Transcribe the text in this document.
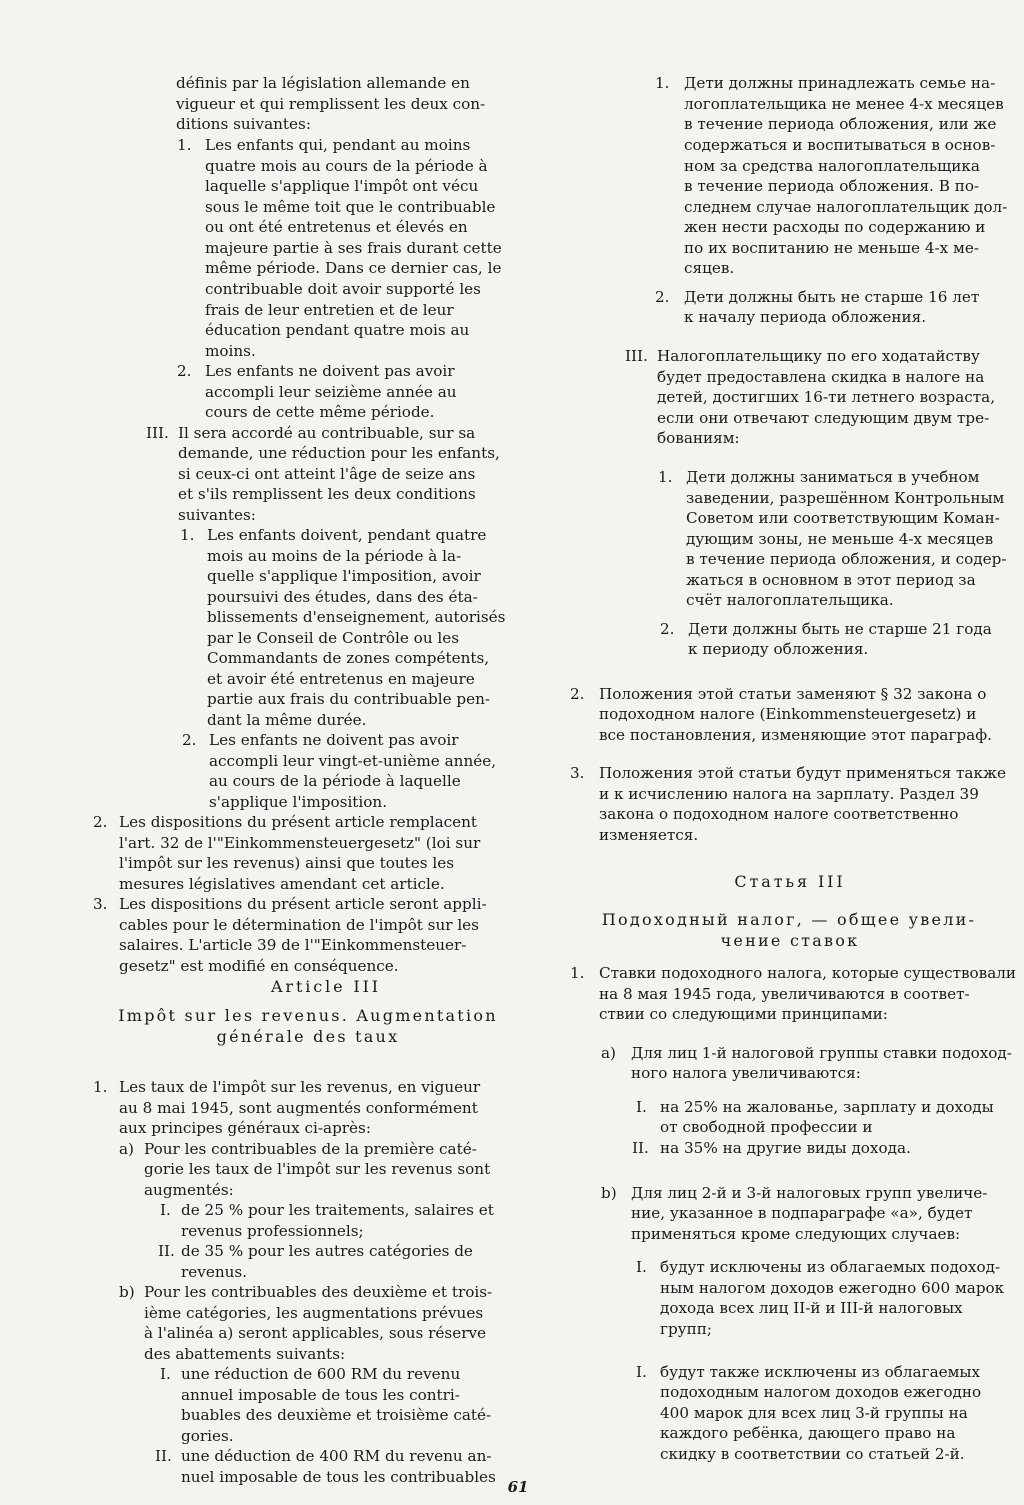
définis par la législation allemande en
vigueur et qui remplissent les deux con-
ditions suivantes:
1. Les enfants qui, pendant au moins
quatre mois au cours de la période à
laquelle s'applique l'impôt ont vécu
sous le même toit que le contribuable
ou ont été entretenus et élevés en
majeure partie à ses frais durant cette
même période. Dans ce dernier cas, le
contribuable doit avoir supporté les
frais de leur entretien et de leur
éducation pendant quatre mois au
moins.
2. Les enfants ne doivent pas avoir
accompli leur seizième année au
cours de cette même période.
III. Il sera accordé au contribuable, sur sa
demande, une réduction pour les enfants,
si ceux-ci ont atteint l'âge de seize ans
et s'ils remplissent les deux conditions
suivantes:
1. Les enfants doivent, pendant quatre
mois au moins de la période à la-
quelle s'applique l'imposition, avoir
poursuivi des études, dans des éta-
blissements d'enseignement, autorisés
par le Conseil de Contrôle ou les
Commandants de zones compétents,
et avoir été entretenus en majeure
partie aux frais du contribuable pen-
dant la même durée.
2. Les enfants ne doivent pas avoir
accompli leur vingt-et-unième année,
au cours de la période à laquelle
s'applique l'imposition.
2. Les dispositions du présent article remplacent
l'art. 32 de l'"Einkommensteuergesetz" (loi sur
l'impôt sur les revenus) ainsi que toutes les
mesures législatives amendant cet article.
3. Les dispositions du présent article seront appli-
cables pour le détermination de l'impôt sur les
salaires. L'article 39 de l'"Einkommensteuer-
gesetz" est modifié en conséquence.
1. Les taux de l'impôt sur les revenus, en vigueur
au 8 mai 1945, sont augmentés conformément
aux principes généraux ci-après:
a) Pour les contribuables de la première caté-
gorie les taux de l'impôt sur les revenus sont
augmentés:
I. de 25 % pour les traitements, salaires et
revenus professionnels;
II. de 35 % pour les autres catégories de
revenus.
b) Pour les contribuables des deuxième et trois-
ième catégories, les augmentations prévues
à l'alinéa a) seront applicables, sous réserve
des abattements suivants:
I. une réduction de 600 RM du revenu
annuel imposable de tous les contri-
buables des deuxième et troisième caté-
gories.
II. une déduction de 400 RM du revenu an-
nuel imposable de tous les contribuables
1. Дети должны принадлежать семье на-
логоплательщика не менее 4-х месяцев
в течение периода обложения, или же
содержаться и воспитываться в основ-
ном за средства налогоплательщика
в течение периода обложения. В по-
следнем случае налогоплательщик дол-
жен нести расходы по содержанию и
по их воспитанию не меньше 4-х ме-
сяцев.
2. Дети должны быть не старше 16 лет
к началу периода обложения.
III. Налогоплательщику по его ходатайству
будет предоставлена скидка в налоге на
детей, достигших 16-ти летнего возраста,
если они отвечают следующим двум тре-
бованиям:
1. Дети должны заниматься в учебном
заведении, разрешённом Контрольным
Советом или соответствующим Коман-
дующим зоны, не меньше 4-х месяцев
в течение периода обложения, и содер-
жаться в основном в этот период за
счёт налогоплательщика.
2. Дети должны быть не старше 21 года
к периоду обложения.
2. Положения этой статьи заменяют § 32 закона о
подоходном налоге (Einkommensteuergesetz) и
все постановления, изменяющие этот параграф.
3. Положения этой статьи будут применяться также
и к исчислению налога на зарплату. Раздел 39
закона о подоходном налоге соответственно
изменяется.
1. Ставки подоходного налога, которые существовали
на 8 мая 1945 года, увеличиваются в соответ-
ствии со следующими принципами:
a) Для лиц 1-й налоговой группы ставки подоход-
ного налога увеличиваются:
I. на 25% на жалованье, зарплату и доходы
от свободной профессии и
II. на 35% на другие виды дохода.
b) Для лиц 2-й и 3-й налоговых групп увеличе-
ние, указанное в подпараграфе «а», будет
применяться кроме следующих случаев:
I. будут исключены из облагаемых подоход-
ным налогом доходов ежегодно 600 марок
дохода всех лиц II-й и III-й налоговых
групп;
I. будут также исключены из облагаемых
подоходным налогом доходов ежегодно
400 марок для всех лиц 3-й группы на
каждого ребёнка, дающего право на
скидку в соответствии со статьей 2-й.
Article III
Impôt sur les revenus. Augmentation
générale des taux
Статья III
Подоходный налог, — общее увели-
чение ставок
61
